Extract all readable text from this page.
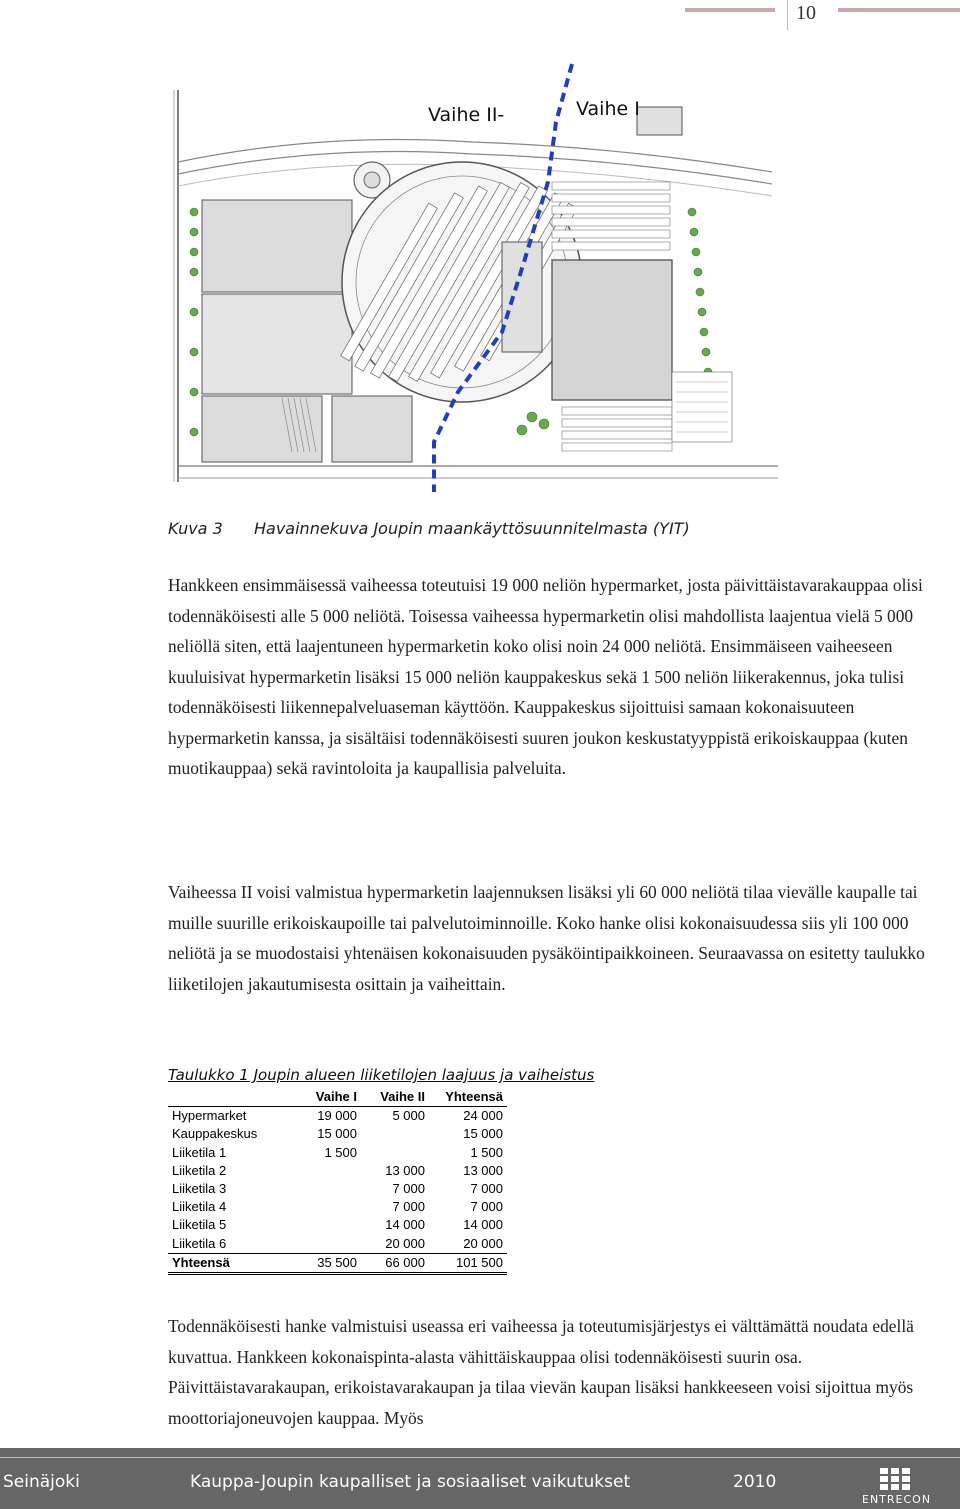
10
Vaihe II-	Vaihe I
Kuva 3 Havainnekuva Joupin maankäyttösuunnitelmasta (YIT)

Hankkeen ensimmäisessä vaiheessa toteutuisi 19 000 neliön hypermarket, josta päivittäistavarakauppaa olisi todennäköisesti alle 5 000 neliötä. Toisessa vaiheessa hypermarketin olisi mahdollista laajentua vielä 5 000 neliöllä siten, että laajentuneen hypermarketin koko olisi noin 24 000 neliötä. Ensimmäiseen vaiheeseen kuuluisivat hypermarketin lisäksi 15 000 neliön kauppakeskus sekä 1 500 neliön liikerakennus, joka tulisi todennäköisesti liikennepalveluaseman käyttöön. Kauppakeskus sijoittuisi samaan kokonaisuuteen hypermarketin kanssa, ja sisältäisi todennäköisesti suuren joukon keskustatyyppistä erikoiskauppaa (kuten muotikauppaa) sekä ravintoloita ja kaupallisia palveluita.

Vaiheessa II voisi valmistua hypermarketin laajennuksen lisäksi yli 60 000 neliötä tilaa vievälle kaupalle tai muille suurille erikoiskaupoille tai palvelutoiminnoille. Koko hanke olisi kokonaisuudessa siis yli 100 000 neliötä ja se muodostaisi yhtenäisen kokonaisuuden pysäköintipaikkoineen. Seuraavassa on esitetty taulukko liiketilojen jakautumisesta osittain ja vaiheittain.

Taulukko 1 Joupin alueen liiketilojen laajuus ja vaiheistus
	Vaihe I	Vaihe II	Yhteensä
Hypermarket	19 000	5 000	24 000
Kauppakeskus	15 000		15 000
Liiketila 1	1 500		1 500
Liiketila 2		13 000	13 000
Liiketila 3		7 000	7 000
Liiketila 4		7 000	7 000
Liiketila 5		14 000	14 000
Liiketila 6		20 000	20 000
Yhteensä	35 500	66 000	101 500

Todennäköisesti hanke valmistuisi useassa eri vaiheessa ja toteutumisjärjestys ei välttämättä noudata edellä kuvattua. Hankkeen kokonaispinta-alasta vähittäiskauppaa olisi todennäköisesti suurin osa. Päivittäistavarakaupan, erikoistavarakaupan ja tilaa vievän kaupan lisäksi hankkeeseen voisi sijoittua myös moottoriajoneuvojen kauppaa. Myös

Seinäjoki	Kauppa-Joupin kaupalliset ja sosiaaliset vaikutukset	2010
ENTRECON
